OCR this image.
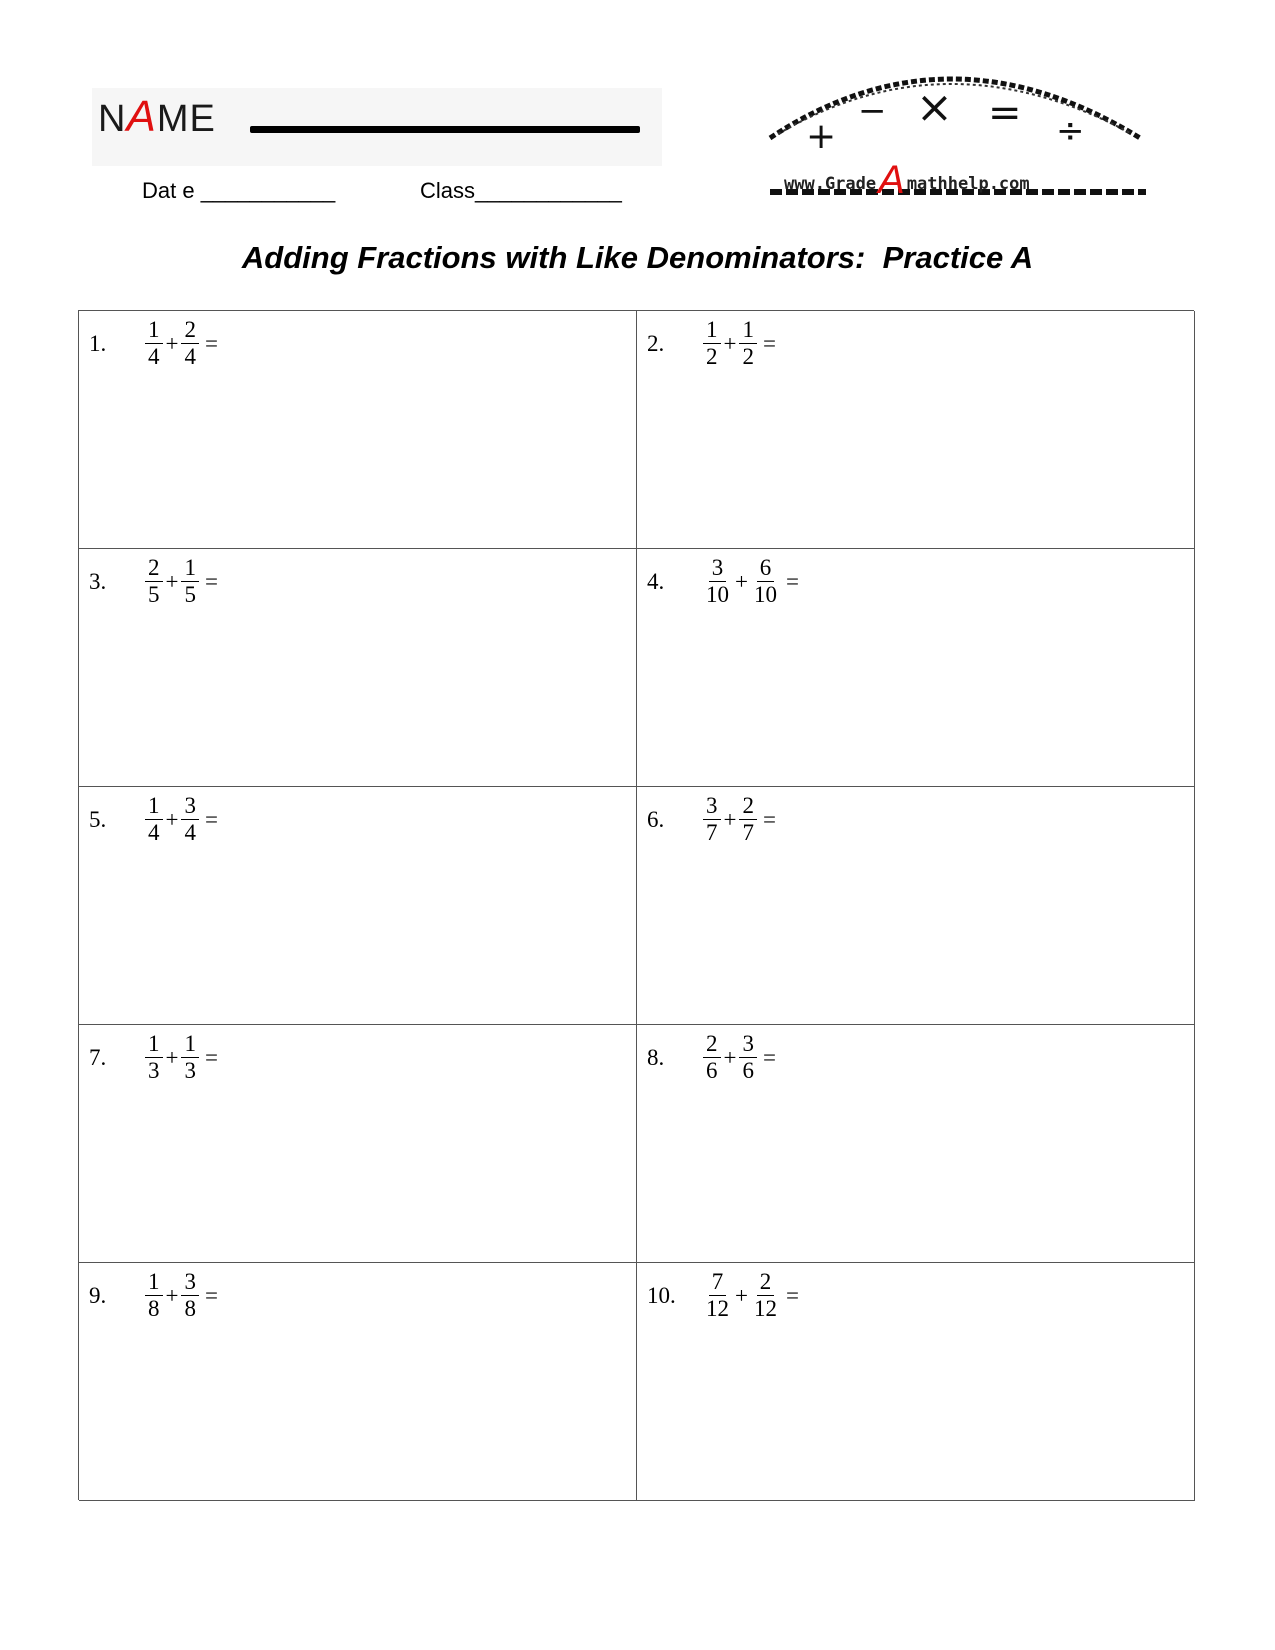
NAME
Dat e ___________	Class____________
+
− × = ÷
www.GradeA mathhelp.com
Adding Fractions with Like Denominators:  Practice A
1.	$\frac{1}{4} + \frac{2}{4}$ =	2.	$\frac{1}{2} + \frac{1}{2}$ =
3.	$\frac{2}{5} + \frac{1}{5}$ =	4.	$\frac{3}{10} + \frac{6}{10}$ =
5.	$\frac{1}{4} + \frac{3}{4}$ =	6.	$\frac{3}{7} + \frac{2}{7}$ =
7.	$\frac{1}{3} + \frac{1}{3}$ =	8.	$\frac{2}{6} + \frac{3}{6}$ =
9.	$\frac{1}{8} + \frac{3}{8}$ =	10.	$\frac{7}{12} + \frac{2}{12}$ =
